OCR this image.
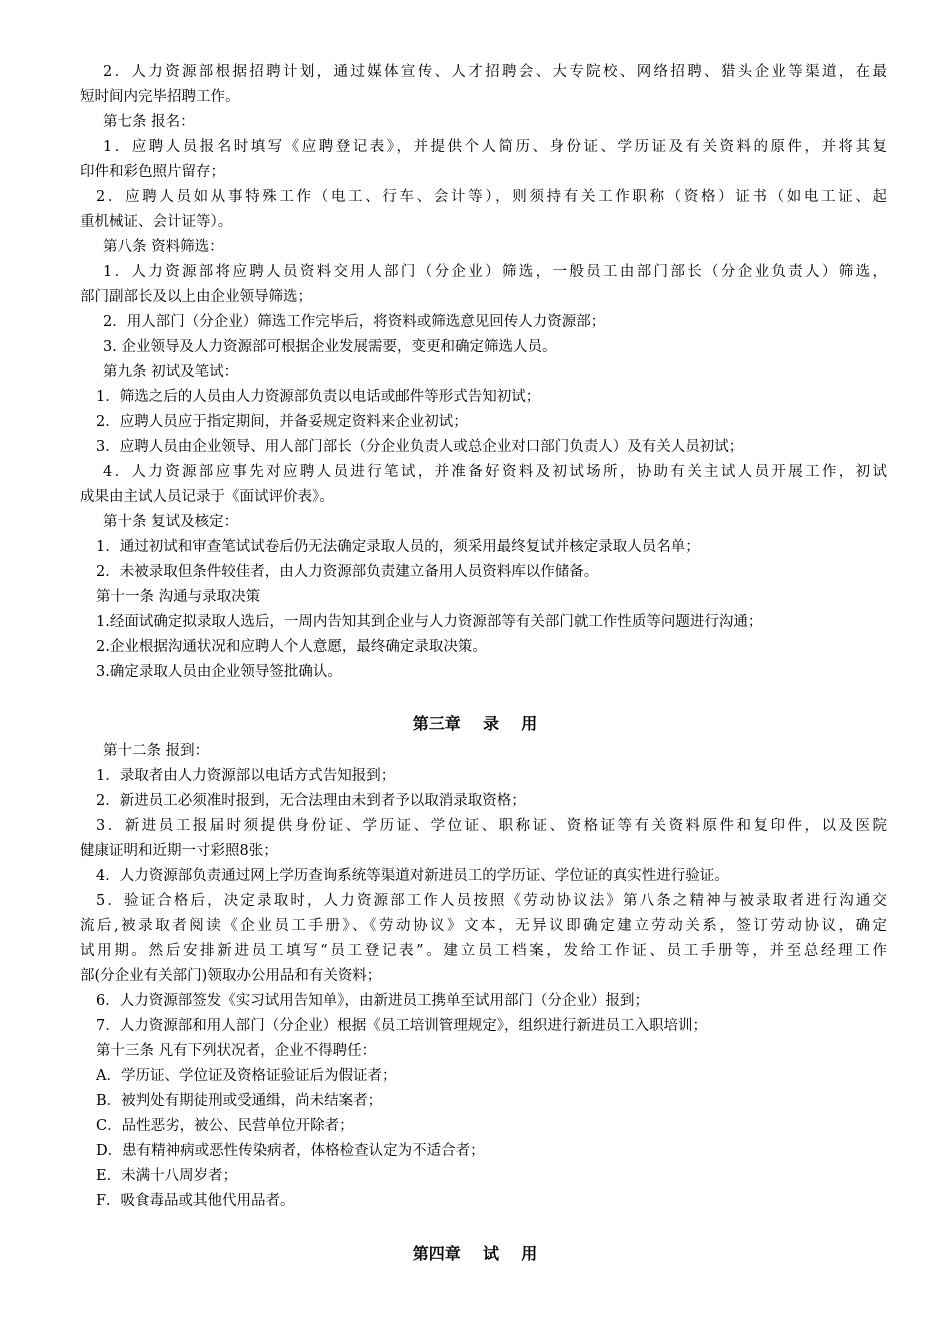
2．人力资源部根据招聘计划，通过媒体宣传、人才招聘会、大专院校、网络招聘、猎头企业等渠道，在最
短时间内完毕招聘工作。
第七条 报名：
1．应聘人员报名时填写《应聘登记表》，并提供个人简历、身份证、学历证及有关资料的原件，并将其复
印件和彩色照片留存；
2．应聘人员如从事特殊工作（电工、行车、会计等），则须持有关工作职称（资格）证书（如电工证、起
重机械证、会计证等）。
第八条 资料筛选：
1．人力资源部将应聘人员资料交用人部门（分企业）筛选，一般员工由部门部长（分企业负责人）筛选，
部门副部长及以上由企业领导筛选；
2．用人部门（分企业）筛选工作完毕后，将资料或筛选意见回传人力资源部；
3. 企业领导及人力资源部可根据企业发展需要，变更和确定筛选人员。
第九条 初试及笔试：
1．筛选之后的人员由人力资源部负责以电话或邮件等形式告知初试；
2．应聘人员应于指定期间，并备妥规定资料来企业初试；
3．应聘人员由企业领导、用人部门部长（分企业负责人或总企业对口部门负责人）及有关人员初试；
4．人力资源部应事先对应聘人员进行笔试，并准备好资料及初试场所，协助有关主试人员开展工作，初试
成果由主试人员记录于《面试评价表》。
第十条 复试及核定：
1．通过初试和审查笔试试卷后仍无法确定录取人员的，须采用最终复试并核定录取人员名单；
2．未被录取但条件较佳者，由人力资源部负责建立备用人员资料库以作储备。
第十一条 沟通与录取决策
1.经面试确定拟录取人选后，一周内告知其到企业与人力资源部等有关部门就工作性质等问题进行沟通；
2.企业根据沟通状况和应聘人个人意愿，最终确定录取决策。
3.确定录取人员由企业领导签批确认。
第三章    录    用
第十二条 报到：
1．录取者由人力资源部以电话方式告知报到；
2．新进员工必须准时报到，无合法理由未到者予以取消录取资格；
3．新进员工报届时须提供身份证、学历证、学位证、职称证、资格证等有关资料原件和复印件，以及医院
健康证明和近期一寸彩照8张；
4．人力资源部负责通过网上学历查询系统等渠道对新进员工的学历证、学位证的真实性进行验证。
5．验证合格后，决定录取时，人力资源部工作人员按照《劳动协议法》第八条之精神与被录取者进行沟通交
流后,被录取者阅读《企业员工手册》、《劳动协议》文本，无异议即确定建立劳动关系，签订劳动协议，确定
试用期。然后安排新进员工填写“员工登记表”。建立员工档案，发给工作证、员工手册等，并至总经理工作
部(分企业有关部门)领取办公用品和有关资料；
6．人力资源部签发《实习试用告知单》，由新进员工携单至试用部门（分企业）报到；
7．人力资源部和用人部门（分企业）根据《员工培训管理规定》，组织进行新进员工入职培训；
第十三条 凡有下列状况者，企业不得聘任：
A．学历证、学位证及资格证验证后为假证者；
B．被判处有期徒刑或受通缉，尚未结案者；
C．品性恶劣，被公、民营单位开除者；
D．患有精神病或恶性传染病者，体格检查认定为不适合者；
E．未满十八周岁者；
F．吸食毒品或其他代用品者。
第四章    试    用
